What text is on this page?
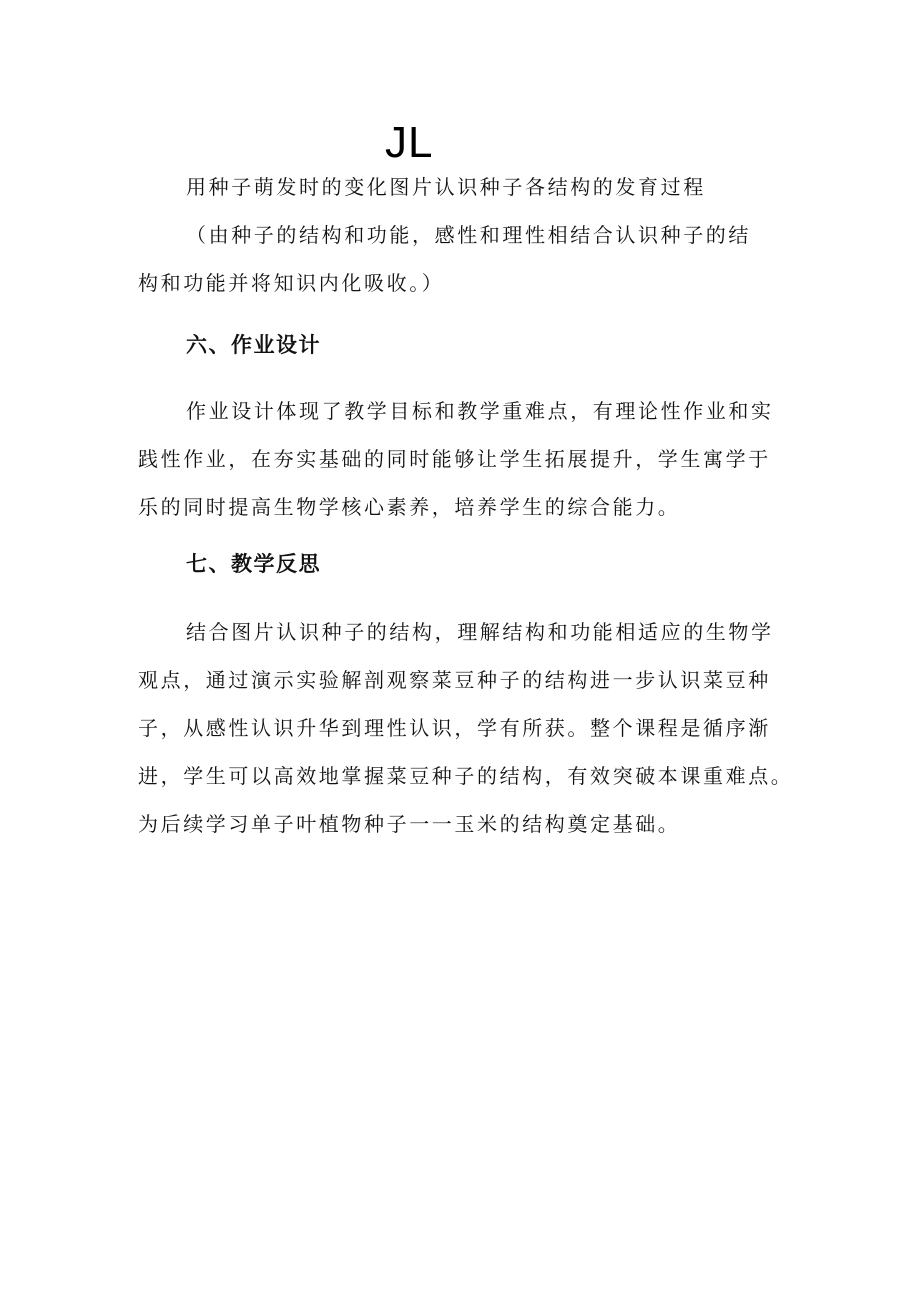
JL
用种子萌发时的变化图片认识种子各结构的发育过程
（由种子的结构和功能，感性和理性相结合认识种子的结
构和功能并将知识内化吸收。）
六、作业设计
作业设计体现了教学目标和教学重难点，有理论性作业和实
践性作业，在夯实基础的同时能够让学生拓展提升，学生寓学于
乐的同时提高生物学核心素养，培养学生的综合能力。
七、教学反思
结合图片认识种子的结构，理解结构和功能相适应的生物学
观点，通过演示实验解剖观察菜豆种子的结构进一步认识菜豆种
子，从感性认识升华到理性认识，学有所获。整个课程是循序渐
进，学生可以高效地掌握菜豆种子的结构，有效突破本课重难点。
为后续学习单子叶植物种子一一玉米的结构奠定基础。
